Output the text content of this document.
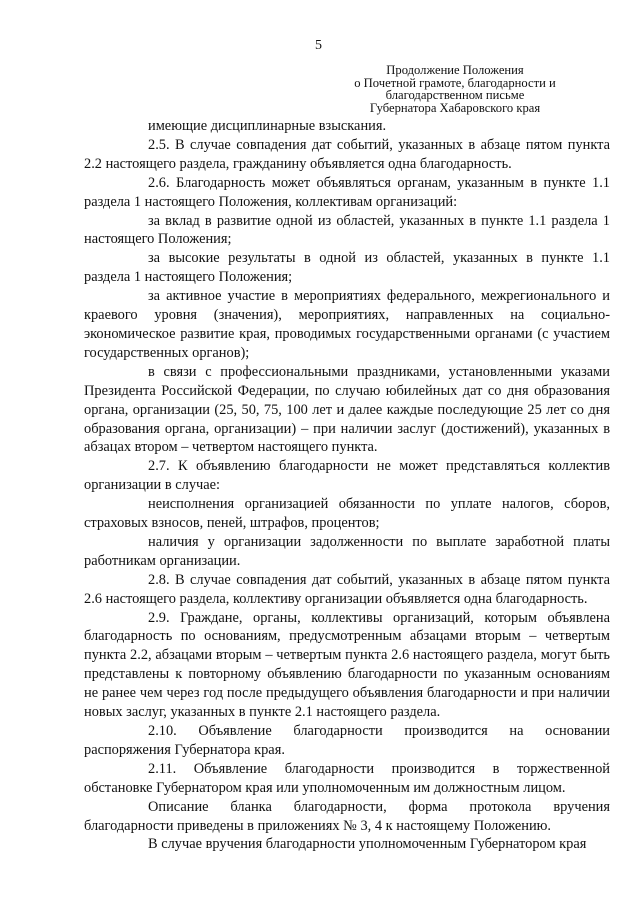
5
Продолжение Положения
о Почетной грамоте, благодарности и
благодарственном письме
Губернатора Хабаровского края

имеющие дисциплинарные взыскания.

2.5. В случае совпадения дат событий, указанных в абзаце пятом пункта 2.2 настоящего раздела, гражданину объявляется одна благодарность.

2.6. Благодарность может объявляться органам, указанным в пункте 1.1 раздела 1 настоящего Положения, коллективам организаций:

за вклад в развитие одной из областей, указанных в пункте 1.1 раздела 1 настоящего Положения;

за высокие результаты в одной из областей, указанных в пункте 1.1 раздела 1 настоящего Положения;

за активное участие в мероприятиях федерального, межрегионального и краевого уровня (значения), мероприятиях, направленных на социально-экономическое развитие края, проводимых государственными органами (с участием государственных органов);

в связи с профессиональными праздниками, установленными указами Президента Российской Федерации, по случаю юбилейных дат со дня образования органа, организации (25, 50, 75, 100 лет и далее каждые последующие 25 лет со дня образования органа, организации) – при наличии заслуг (достижений), указанных в абзацах втором – четвертом настоящего пункта.

2.7. К объявлению благодарности не может представляться коллектив организации в случае:

неисполнения организацией обязанности по уплате налогов, сборов, страховых взносов, пеней, штрафов, процентов;

наличия у организации задолженности по выплате заработной платы работникам организации.

2.8. В случае совпадения дат событий, указанных в абзаце пятом пункта 2.6 настоящего раздела, коллективу организации объявляется одна благодарность.

2.9. Граждане, органы, коллективы организаций, которым объявлена благодарность по основаниям, предусмотренным абзацами вторым – четвертым пункта 2.2, абзацами вторым – четвертым пункта 2.6 настоящего раздела, могут быть представлены к повторному объявлению благодарности по указанным основаниям не ранее чем через год после предыдущего объявления благодарности и при наличии новых заслуг, указанных в пункте 2.1 настоящего раздела.

2.10. Объявление благодарности производится на основании распоряжения Губернатора края.

2.11. Объявление благодарности производится в торжественной обстановке Губернатором края или уполномоченным им должностным лицом.

Описание бланка благодарности, форма протокола вручения благодарности приведены в приложениях № 3, 4 к настоящему Положению.

В случае вручения благодарности уполномоченным Губернатором края
